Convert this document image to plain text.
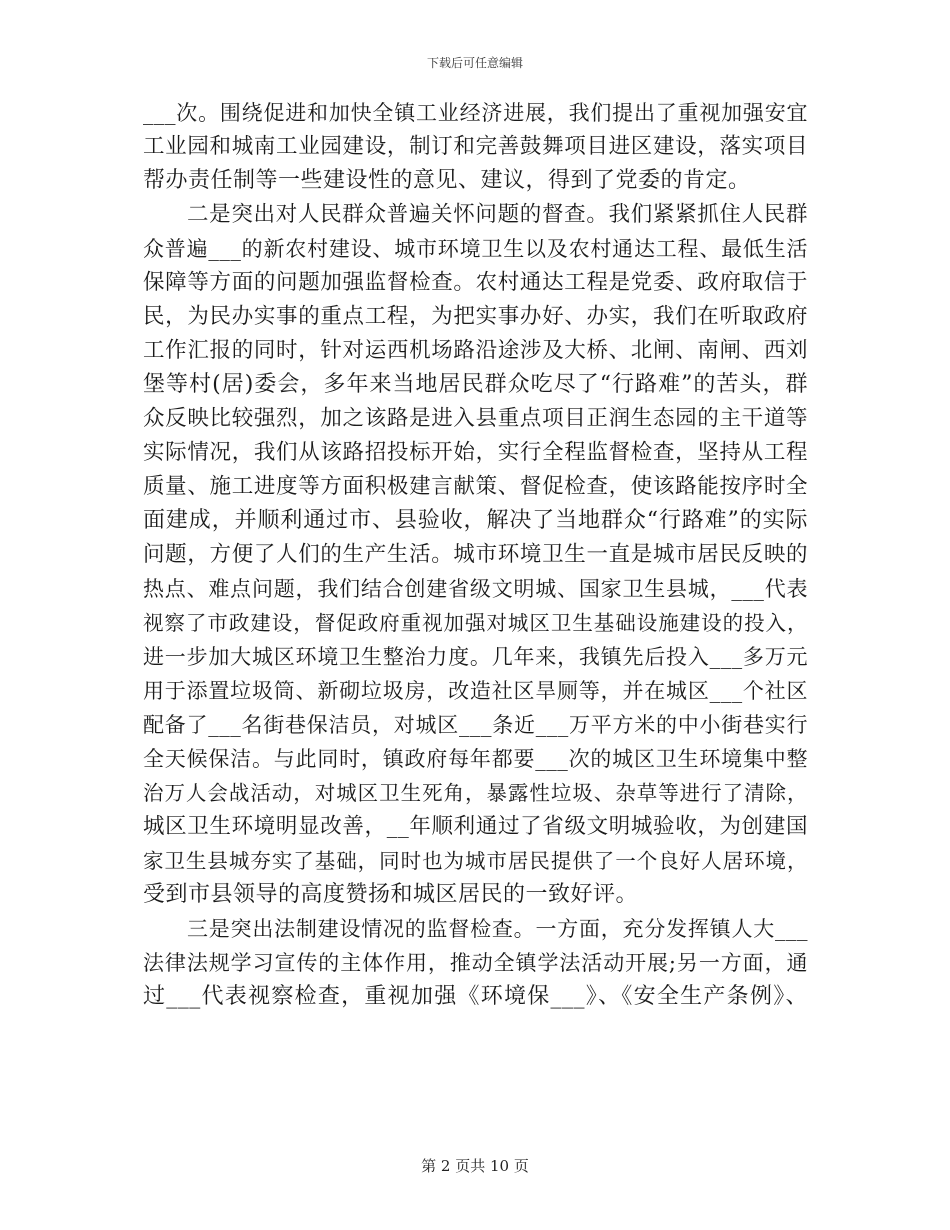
下载后可任意编辑
___次。围绕促进和加快全镇工业经济进展，我们提出了重视加强安宜
工业园和城南工业园建设，制订和完善鼓舞项目进区建设，落实项目
帮办责任制等一些建设性的意见、建议，得到了党委的肯定。
二是突出对人民群众普遍关怀问题的督查。我们紧紧抓住人民群
众普遍___的新农村建设、城市环境卫生以及农村通达工程、最低生活
保障等方面的问题加强监督检查。农村通达工程是党委、政府取信于
民，为民办实事的重点工程，为把实事办好、办实，我们在听取政府
工作汇报的同时，针对运西机场路沿途涉及大桥、北闸、南闸、西刘
堡等村(居)委会，多年来当地居民群众吃尽了“行路难”的苦头，群
众反映比较强烈，加之该路是进入县重点项目正润生态园的主干道等
实际情况，我们从该路招投标开始，实行全程监督检查，坚持从工程
质量、施工进度等方面积极建言献策、督促检查，使该路能按序时全
面建成，并顺利通过市、县验收，解决了当地群众“行路难”的实际
问题，方便了人们的生产生活。城市环境卫生一直是城市居民反映的
热点、难点问题，我们结合创建省级文明城、国家卫生县城，___代表
视察了市政建设，督促政府重视加强对城区卫生基础设施建设的投入，
进一步加大城区环境卫生整治力度。几年来，我镇先后投入___多万元
用于添置垃圾筒、新砌垃圾房，改造社区旱厕等，并在城区___个社区
配备了___名街巷保洁员，对城区___条近___万平方米的中小街巷实行
全天候保洁。与此同时，镇政府每年都要___次的城区卫生环境集中整
治万人会战活动，对城区卫生死角，暴露性垃圾、杂草等进行了清除，
城区卫生环境明显改善，__年顺利通过了省级文明城验收，为创建国
家卫生县城夯实了基础，同时也为城市居民提供了一个良好人居环境，
受到市县领导的高度赞扬和城区居民的一致好评。
三是突出法制建设情况的监督检查。一方面，充分发挥镇人大___
法律法规学习宣传的主体作用，推动全镇学法活动开展;另一方面，通
过___代表视察检查，重视加强《环境保___》、《安全生产条例》、
第 2 页共 10 页
